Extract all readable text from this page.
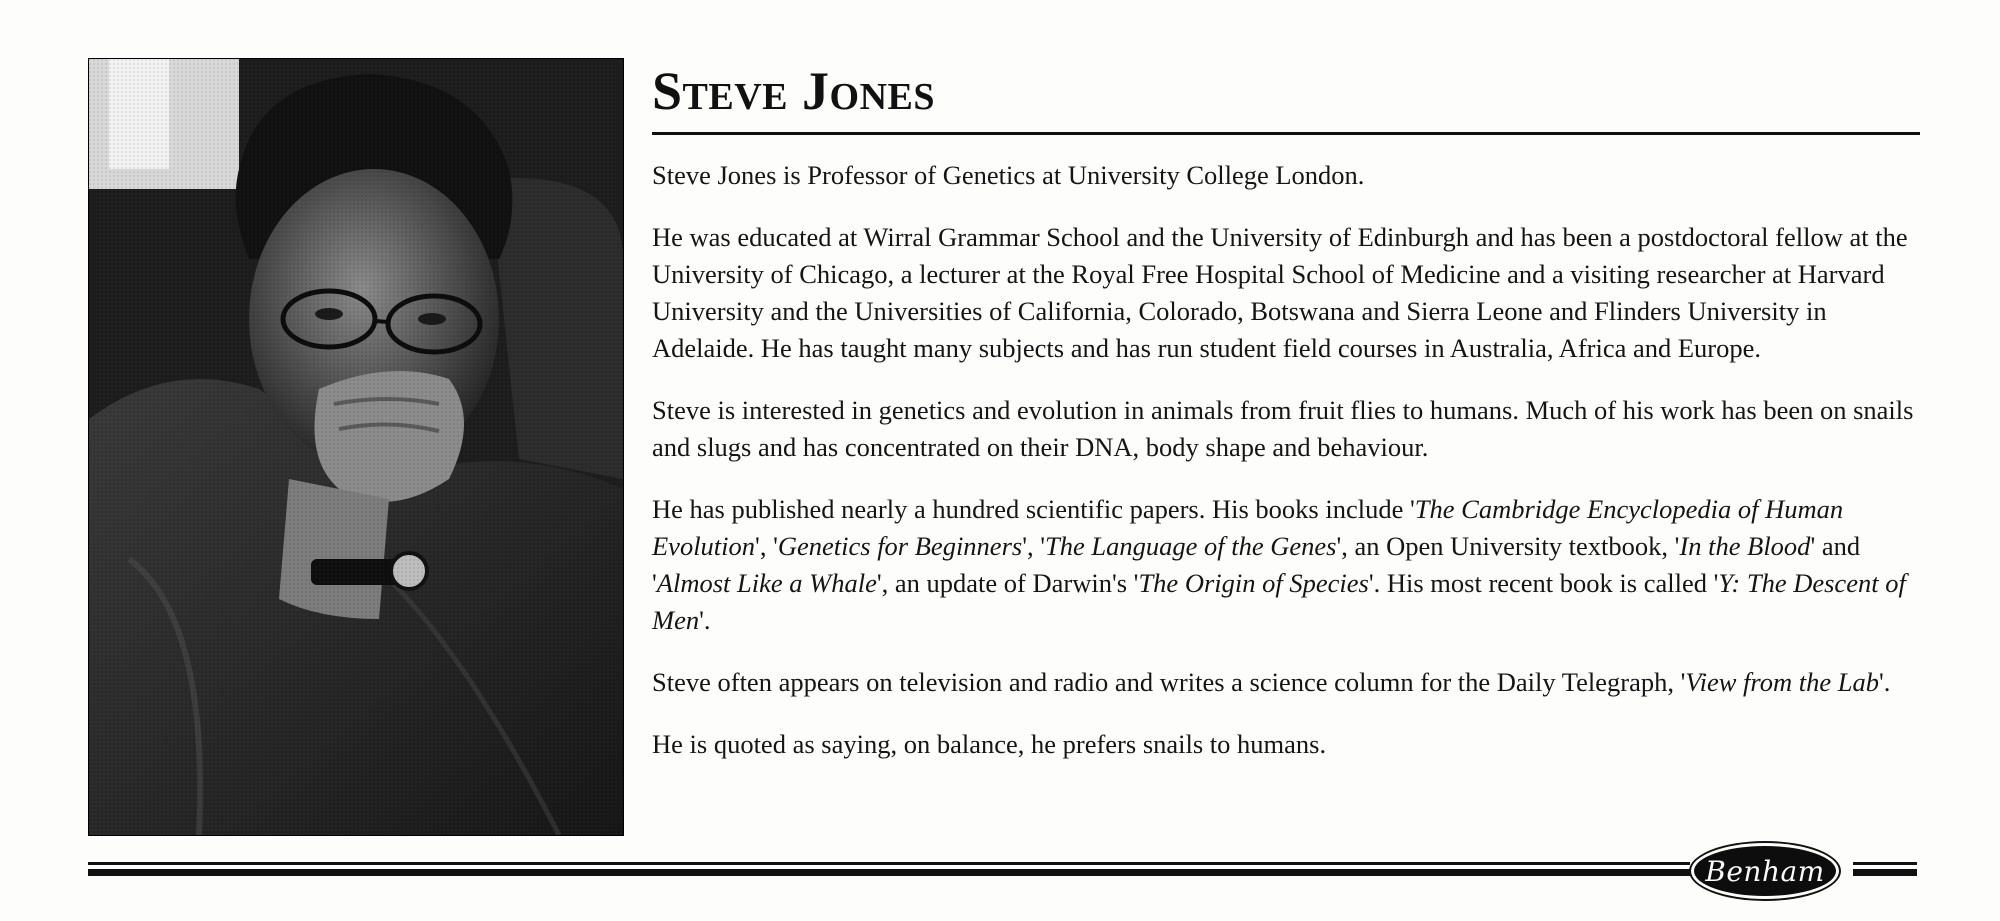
Steve Jones

Steve Jones is Professor of Genetics at University College London.

He was educated at Wirral Grammar School and the University of Edinburgh and has been a postdoctoral fellow at the University of Chicago, a lecturer at the Royal Free Hospital School of Medicine and a visiting researcher at Harvard University and the Universities of California, Colorado, Botswana and Sierra Leone and Flinders University in Adelaide. He has taught many subjects and has run student field courses in Australia, Africa and Europe.

Steve is interested in genetics and evolution in animals from fruit flies to humans. Much of his work has been on snails and slugs and has concentrated on their DNA, body shape and behaviour.

He has published nearly a hundred scientific papers. His books include 'The Cambridge Encyclopedia of Human Evolution', 'Genetics for Beginners', 'The Language of the Genes', an Open University textbook, 'In the Blood' and 'Almost Like a Whale', an update of Darwin's 'The Origin of Species'. His most recent book is called 'Y: The Descent of Men'.

Steve often appears on television and radio and writes a science column for the Daily Telegraph, 'View from the Lab'.

He is quoted as saying, on balance, he prefers snails to humans.

Benham
